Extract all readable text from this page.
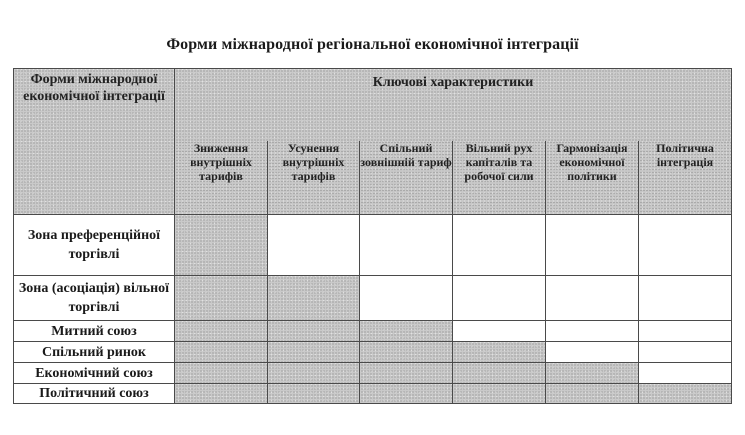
Форми міжнародної регіональної економічної інтеграції
Форми міжнародної економічної інтеграції	Ключові характеристики					
	Зниження внутрішніх тарифів	Усунення внутрішніх тарифів	Спільний зовнішній тариф	Вільний рух капіталів та робочої сили	Гармонізація економічної політики	Політична інтеграція
Зона преференційної торгівлі						
Зона (асоціація) вільної торгівлі						
Митний союз						
Спільний ринок						
Економічний союз						
Політичний союз						
